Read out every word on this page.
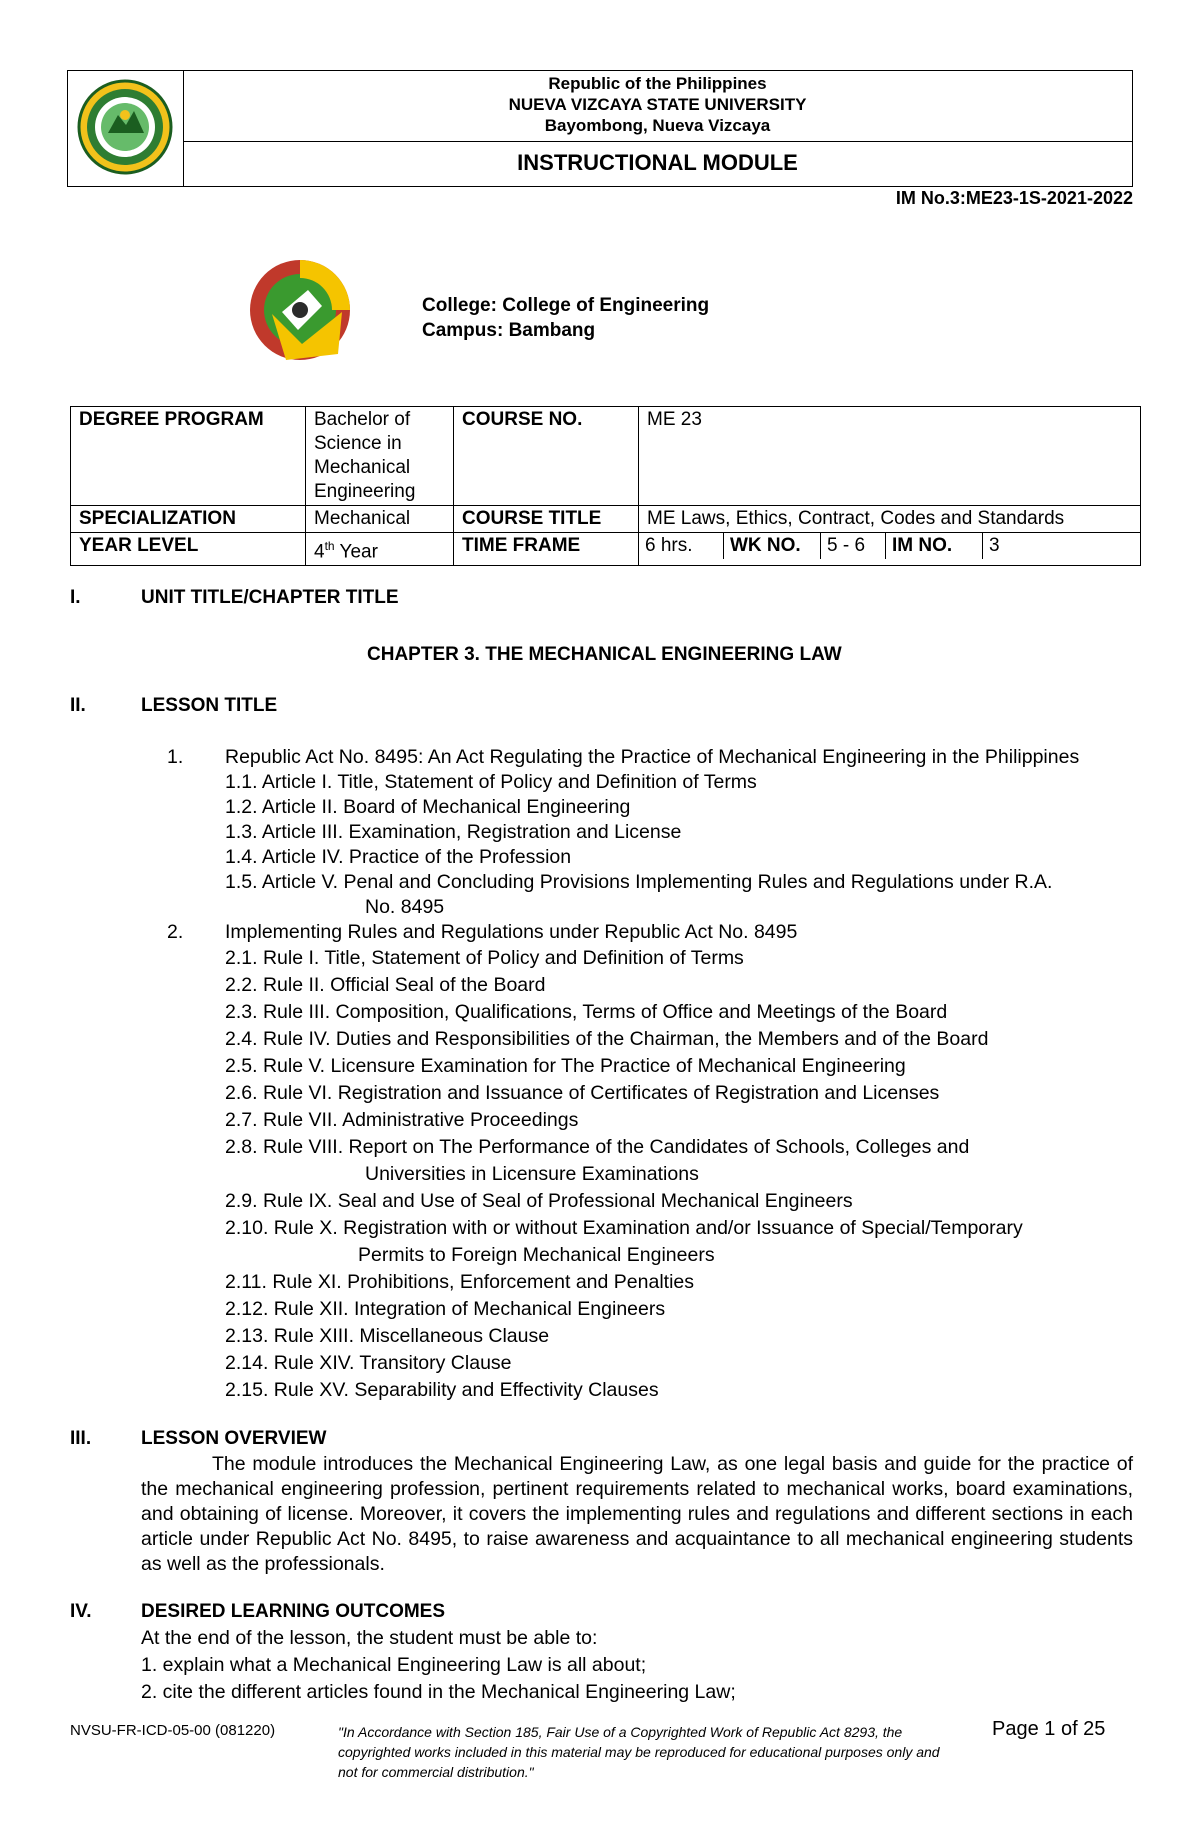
Republic of the Philippines
NUEVA VIZCAYA STATE UNIVERSITY
Bayombong, Nueva Vizcaya
INSTRUCTIONAL MODULE
IM No.3:ME23-1S-2021-2022
College: College of Engineering
Campus: Bambang
DEGREE PROGRAM	Bachelor of Science in Mechanical Engineering	COURSE NO.	ME 23
SPECIALIZATION	Mechanical	COURSE TITLE	ME Laws, Ethics, Contract, Codes and Standards
YEAR LEVEL	4th Year	TIME FRAME		6 hrs.	WK NO.	5 - 6	IM NO.	3
I.	UNIT TITLE/CHAPTER TITLE
CHAPTER 3. THE MECHANICAL ENGINEERING LAW
II.	LESSON TITLE
1. Republic Act No. 8495: An Act Regulating the Practice of Mechanical Engineering in the Philippines
1.1. Article I. Title, Statement of Policy and Definition of Terms
1.2. Article II. Board of Mechanical Engineering
1.3. Article III. Examination, Registration and License
1.4. Article IV. Practice of the Profession
1.5. Article V. Penal and Concluding Provisions Implementing Rules and Regulations under R.A.
No. 8495
2. Implementing Rules and Regulations under Republic Act No. 8495
2.1. Rule I. Title, Statement of Policy and Definition of Terms
2.2. Rule II. Official Seal of the Board
2.3. Rule III. Composition, Qualifications, Terms of Office and Meetings of the Board
2.4. Rule IV. Duties and Responsibilities of the Chairman, the Members and of the Board
2.5. Rule V. Licensure Examination for The Practice of Mechanical Engineering
2.6. Rule VI. Registration and Issuance of Certificates of Registration and Licenses
2.7. Rule VII. Administrative Proceedings
2.8. Rule VIII. Report on The Performance of the Candidates of Schools, Colleges and
Universities in Licensure Examinations
2.9. Rule IX. Seal and Use of Seal of Professional Mechanical Engineers
2.10. Rule X. Registration with or without Examination and/or Issuance of Special/Temporary
Permits to Foreign Mechanical Engineers
2.11. Rule XI. Prohibitions, Enforcement and Penalties
2.12. Rule XII. Integration of Mechanical Engineers
2.13. Rule XIII. Miscellaneous Clause
2.14. Rule XIV. Transitory Clause
2.15. Rule XV. Separability and Effectivity Clauses
III.	LESSON OVERVIEW
The module introduces the Mechanical Engineering Law, as one legal basis and guide for the practice of the mechanical engineering profession, pertinent requirements related to mechanical works, board examinations, and obtaining of license. Moreover, it covers the implementing rules and regulations and different sections in each article under Republic Act No. 8495, to raise awareness and acquaintance to all mechanical engineering students as well as the professionals.
IV.	DESIRED LEARNING OUTCOMES
At the end of the lesson, the student must be able to:
1. explain what a Mechanical Engineering Law is all about;
2. cite the different articles found in the Mechanical Engineering Law;
NVSU-FR-ICD-05-00 (081220)	"In Accordance with Section 185, Fair Use of a Copyrighted Work of Republic Act 8293, the copyrighted works included in this material may be reproduced for educational purposes only and not for commercial distribution."
Page 1 of 25
